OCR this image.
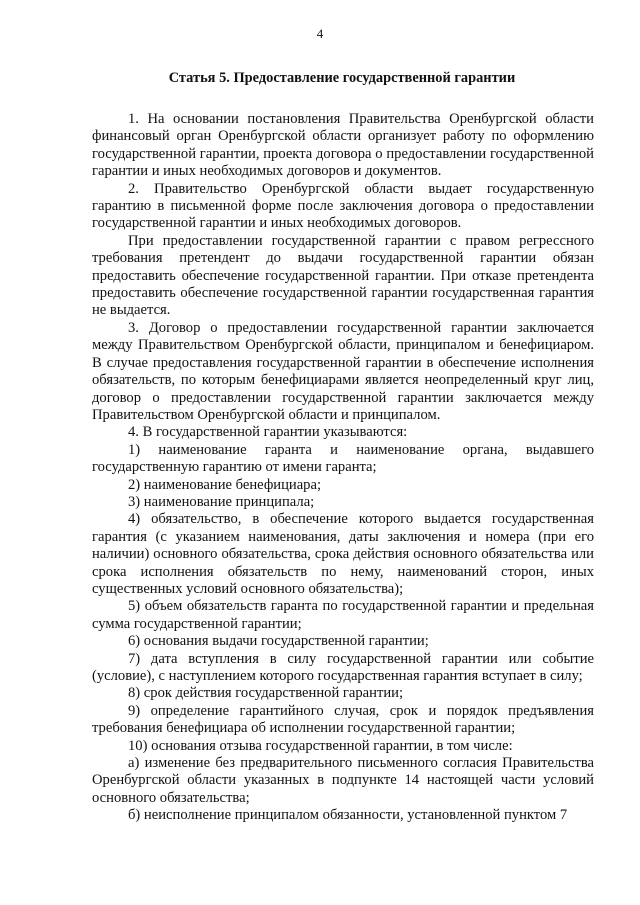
4
Статья 5. Предоставление государственной гарантии

1. На основании постановления Правительства Оренбургской области финансовый орган Оренбургской области организует работу по оформлению государственной гарантии, проекта договора о предоставлении государственной гарантии и иных необходимых договоров и документов.

2. Правительство Оренбургской области выдает государственную гарантию в письменной форме после заключения договора о предоставлении государственной гарантии и иных необходимых договоров.

При предоставлении государственной гарантии с правом регрессного требования претендент до выдачи государственной гарантии обязан предоставить обеспечение государственной гарантии. При отказе претендента предоставить обеспечение государственной гарантии государственная гарантия не выдается.

3. Договор о предоставлении государственной гарантии заключается между Правительством Оренбургской области, принципалом и бенефициаром. В случае предоставления государственной гарантии в обеспечение исполнения обязательств, по которым бенефициарами является неопределенный круг лиц, договор о предоставлении государственной гарантии заключается между Правительством Оренбургской области и принципалом.

4. В государственной гарантии указываются:

1) наименование гаранта и наименование органа, выдавшего государственную гарантию от имени гаранта;

2) наименование бенефициара;

3) наименование принципала;

4) обязательство, в обеспечение которого выдается государственная гарантия (с указанием наименования, даты заключения и номера (при его наличии) основного обязательства, срока действия основного обязательства или срока исполнения обязательств по нему, наименований сторон, иных существенных условий основного обязательства);

5) объем обязательств гаранта по государственной гарантии и предельная сумма государственной гарантии;

6) основания выдачи государственной гарантии;

7) дата вступления в силу государственной гарантии или событие (условие), с наступлением которого государственная гарантия вступает в силу;

8) срок действия государственной гарантии;

9) определение гарантийного случая, срок и порядок предъявления требования бенефициара об исполнении государственной гарантии;

10) основания отзыва государственной гарантии, в том числе:

а) изменение без предварительного письменного согласия Правительства Оренбургской области указанных в подпункте 14 настоящей части условий основного обязательства;

б) неисполнение принципалом обязанности, установленной пунктом 7
